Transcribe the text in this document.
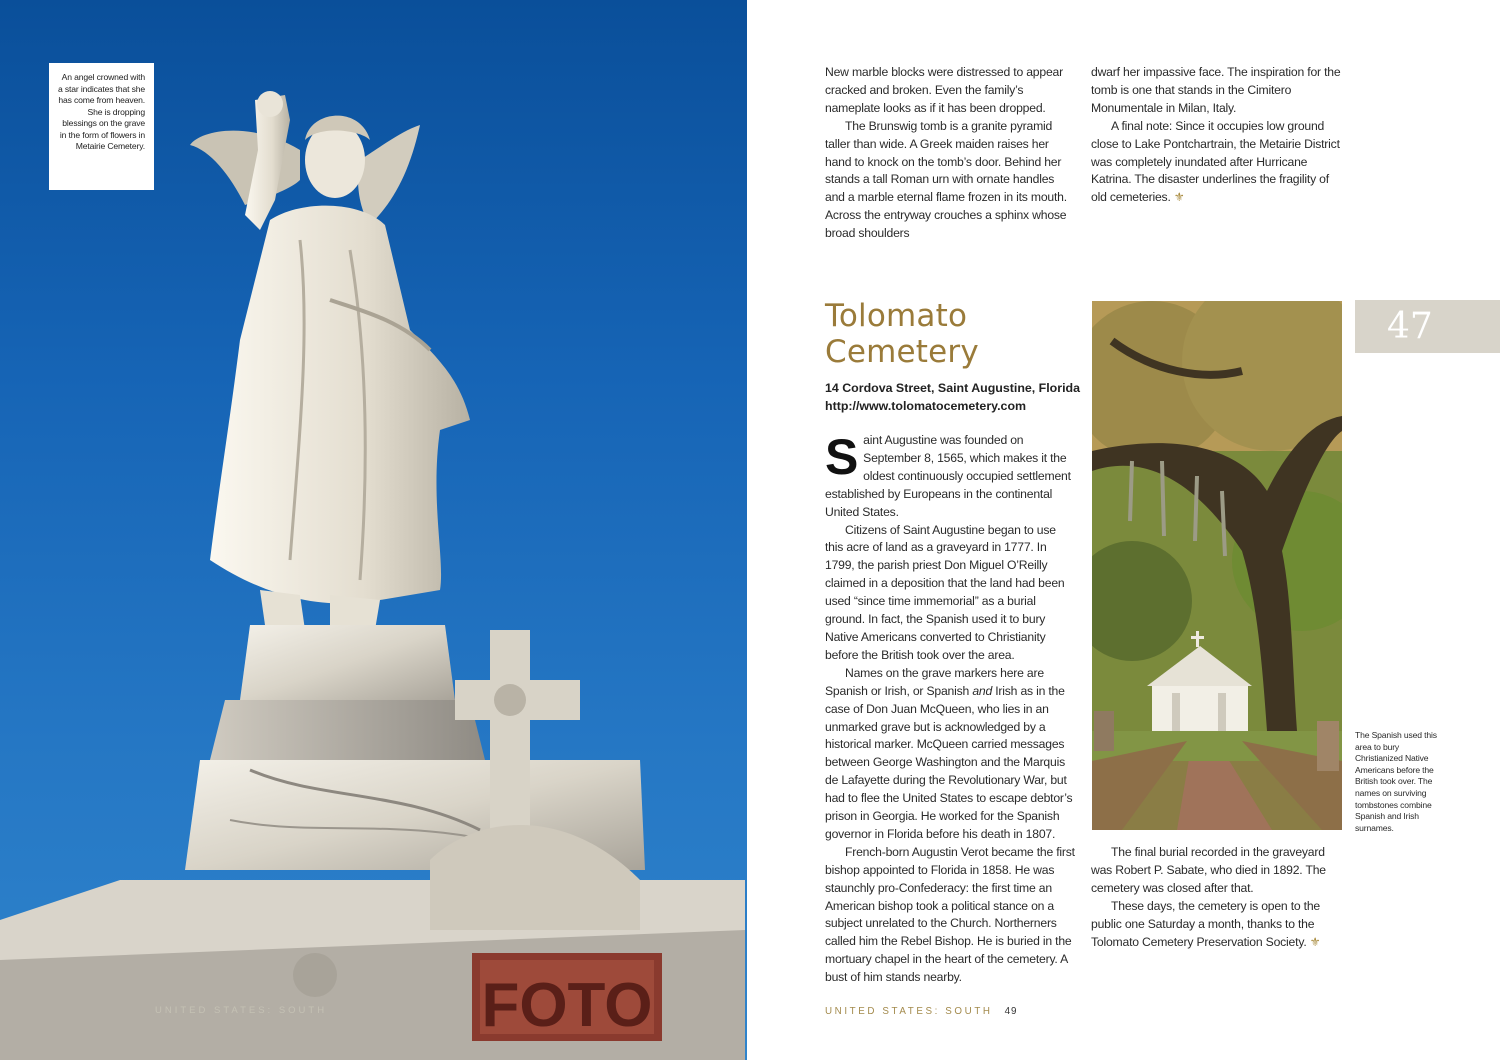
FOTO
An angel crowned with a star indicates that she has come from heaven. She is dropping blessings on the grave in the form of flowers in Metairie Cemetery.
UNITED STATES: SOUTH

New marble blocks were distressed to appear cracked and broken. Even the family’s nameplate looks as if it has been dropped.

The Brunswig tomb is a granite pyramid taller than wide. A Greek maiden raises her hand to knock on the tomb’s door. Behind her stands a tall Roman urn with ornate handles and a marble eternal flame frozen in its mouth. Across the entryway crouches a sphinx whose broad shoulders

dwarf her impassive face. The inspiration for the tomb is one that stands in the Cimitero Monumentale in Milan, Italy.

A final note: Since it occupies low ground close to Lake Pontchartrain, the Metairie District was completely inundated after Hurricane Katrina. The disaster underlines the fragility of old cemeteries. ⚜

Tolomato
Cemetery
14 Cordova Street, Saint Augustine, Florida
http://www.tolomatocemetery.com

Saint Augustine was founded on September 8, 1565, which makes it the oldest continuously occupied settlement established by Europeans in the continental United States.

Citizens of Saint Augustine began to use this acre of land as a graveyard in 1777. In 1799, the parish priest Don Miguel O’Reilly claimed in a deposition that the land had been used “since time immemorial” as a burial ground. In fact, the Spanish used it to bury Native Americans converted to Christianity before the British took over the area.

Names on the grave markers here are Spanish or Irish, or Spanish and Irish as in the case of Don Juan McQueen, who lies in an unmarked grave but is acknowledged by a historical marker. McQueen carried messages between George Washington and the Marquis de Lafayette during the Revolutionary War, but had to flee the United States to escape debtor’s prison in Georgia. He worked for the Spanish governor in Florida before his death in 1807.

French-born Augustin Verot became the first bishop appointed to Florida in 1858. He was staunchly pro-Confederacy: the first time an American bishop took a political stance on a subject unrelated to the Church. Northerners called him the Rebel Bishop. He is buried in the mortuary chapel in the heart of the cemetery. A bust of him stands nearby.

47
The Spanish used this area to bury Christianized Native Americans before the British took over. The names on surviving tombstones combine Spanish and Irish surnames.

The final burial recorded in the graveyard was Robert P. Sabate, who died in 1892. The cemetery was closed after that.

These days, the cemetery is open to the public one Saturday a month, thanks to the Tolomato Cemetery Preservation Society. ⚜

UNITED STATES: SOUTH 49
